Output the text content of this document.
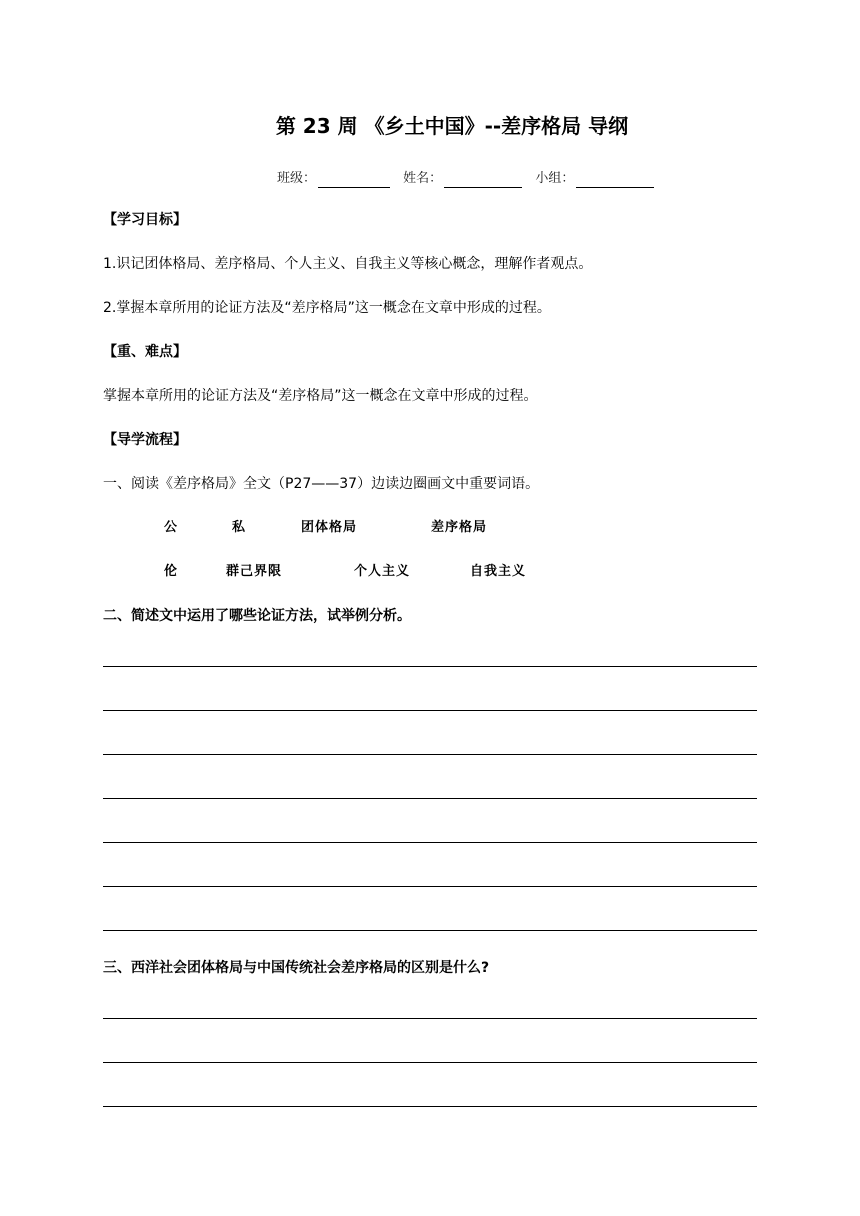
第 23 周 《乡土中国》--差序格局 导纲
班级：	姓名：	小组：
【学习目标】
1.识记团体格局、差序格局、个人主义、自我主义等核心概念，理解作者观点。
2.掌握本章所用的论证方法及“差序格局”这一概念在文章中形成的过程。
【重、难点】
掌握本章所用的论证方法及“差序格局”这一概念在文章中形成的过程。
【导学流程】
一、阅读《差序格局》全文（P27——37）边读边圈画文中重要词语。
公	私	团体格局	差序格局
伦	群己界限	个人主义	自我主义
二、简述文中运用了哪些论证方法，试举例分析。
三、西洋社会团体格局与中国传统社会差序格局的区别是什么?
